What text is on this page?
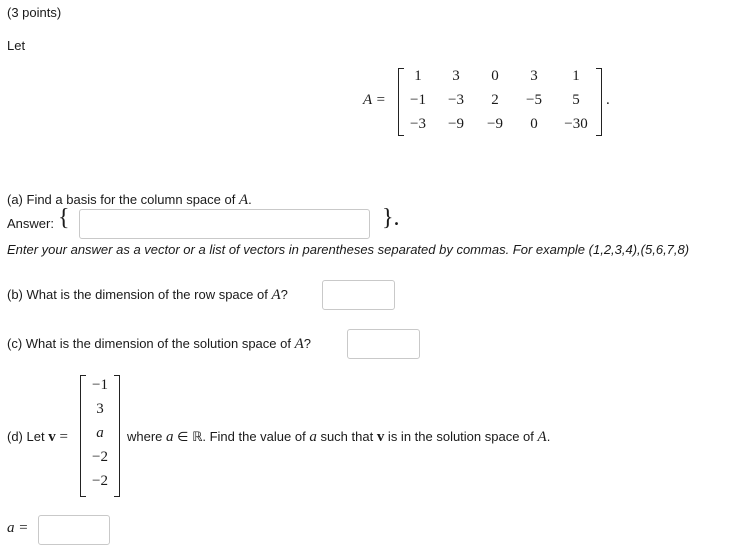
(3 points)
Let
A =
1	3	0	3	1
−1	−3	2	−5	5
−3	−9	−9	0	−30
.
(a) Find a basis for the column space of A.
Answer: {	}.
Enter your answer as a vector or a list of vectors in parentheses separated by commas. For example (1,2,3,4),(5,6,7,8)
(b) What is the dimension of the row space of A?
(c) What is the dimension of the solution space of A?
(d) Let v =
−1
3
a
−2
−2
where a ∈ ℝ. Find the value of a such that v is in the solution space of A.
a =
